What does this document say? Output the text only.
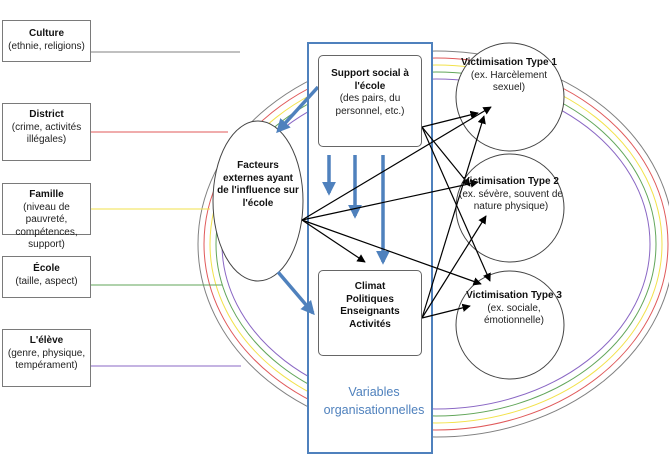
Culture
(ethnie, religions)
District
(crime, activités illégales)
Famille
(niveau de pauvreté, compétences, support)
École
(taille, aspect)
L'élève
(genre, physique, tempérament)
Support social à l'école
(des pairs, du personnel, etc.)
Facteurs externes ayant de l'influence sur l'école
Climat
Politiques
Enseignants
Activités
Variables organisationnelles
Victimisation Type 1
(ex. Harcèlement sexuel)
Victimisation Type 2
(ex. sévère, souvent de nature physique)
Victimisation Type 3
(ex. sociale, émotionnelle)
